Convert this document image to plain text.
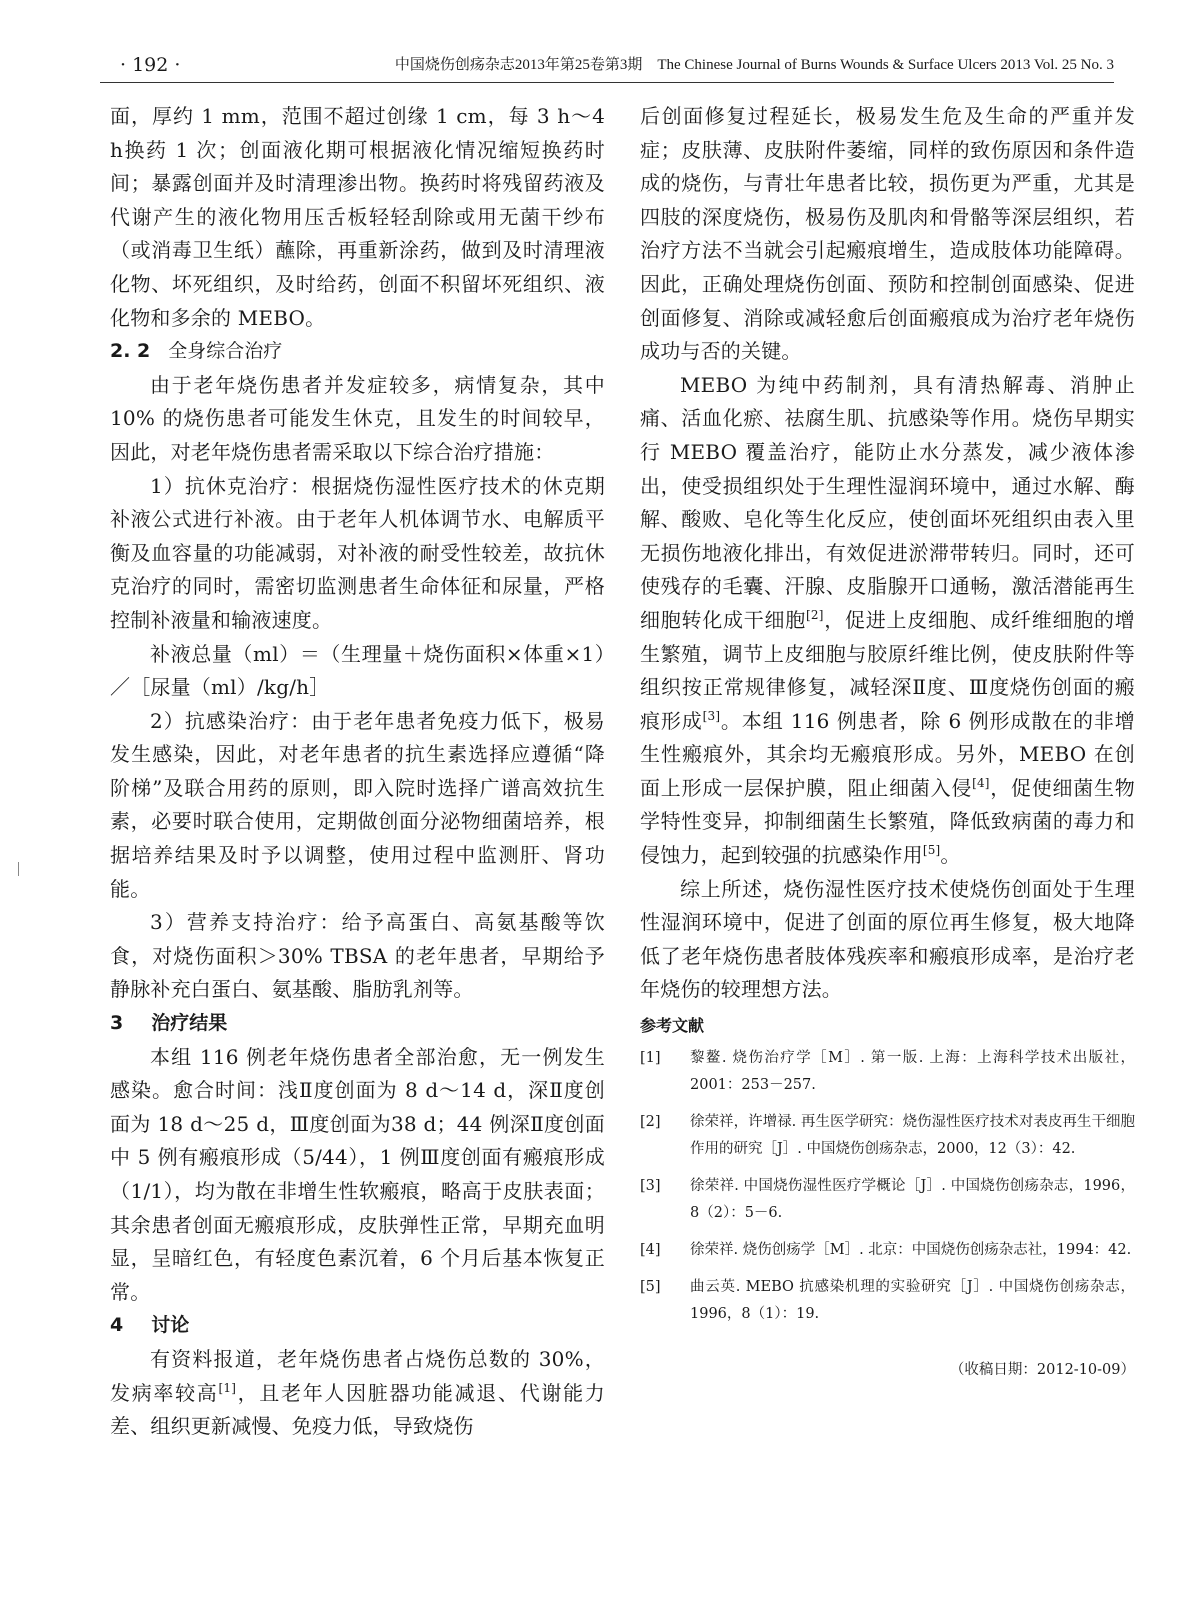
· 192 ·	中国烧伤创疡杂志2013年第25卷第3期　The Chinese Journal of Burns Wounds & Surface Ulcers 2013 Vol. 25 No. 3

面，厚约 1 mm，范围不超过创缘 1 cm，每 3 h～4 h换药 1 次；创面液化期可根据液化情况缩短换药时间；暴露创面并及时清理渗出物。换药时将残留药液及代谢产生的液化物用压舌板轻轻刮除或用无菌干纱布（或消毒卫生纸）蘸除，再重新涂药，做到及时清理液化物、坏死组织，及时给药，创面不积留坏死组织、液化物和多余的 MEBO。

2. 2 全身综合治疗

由于老年烧伤患者并发症较多，病情复杂，其中 10% 的烧伤患者可能发生休克，且发生的时间较早，因此，对老年烧伤患者需采取以下综合治疗措施：

1）抗休克治疗：根据烧伤湿性医疗技术的休克期补液公式进行补液。由于老年人机体调节水、电解质平衡及血容量的功能减弱，对补液的耐受性较差，故抗休克治疗的同时，需密切监测患者生命体征和尿量，严格控制补液量和输液速度。

补液总量（ml）＝（生理量＋烧伤面积×体重×1）／［尿量（ml）/kg/h］

2）抗感染治疗：由于老年患者免疫力低下，极易发生感染，因此，对老年患者的抗生素选择应遵循“降阶梯”及联合用药的原则，即入院时选择广谱高效抗生素，必要时联合使用，定期做创面分泌物细菌培养，根据培养结果及时予以调整，使用过程中监测肝、肾功能。

3）营养支持治疗：给予高蛋白、高氨基酸等饮食，对烧伤面积＞30% TBSA 的老年患者，早期给予静脉补充白蛋白、氨基酸、脂肪乳剂等。

3 治疗结果

本组 116 例老年烧伤患者全部治愈，无一例发生感染。愈合时间：浅Ⅱ度创面为 8 d～14 d，深Ⅱ度创面为 18 d～25 d，Ⅲ度创面为38 d；44 例深Ⅱ度创面中 5 例有瘢痕形成（5/44），1 例Ⅲ度创面有瘢痕形成（1/1），均为散在非增生性软瘢痕，略高于皮肤表面；其余患者创面无瘢痕形成，皮肤弹性正常，早期充血明显，呈暗红色，有轻度色素沉着，6 个月后基本恢复正常。

4 讨论

有资料报道，老年烧伤患者占烧伤总数的 30%，发病率较高[1]，且老年人因脏器功能减退、代谢能力差、组织更新减慢、免疫力低，导致烧伤

后创面修复过程延长，极易发生危及生命的严重并发症；皮肤薄、皮肤附件萎缩，同样的致伤原因和条件造成的烧伤，与青壮年患者比较，损伤更为严重，尤其是四肢的深度烧伤，极易伤及肌肉和骨骼等深层组织，若治疗方法不当就会引起瘢痕增生，造成肢体功能障碍。因此，正确处理烧伤创面、预防和控制创面感染、促进创面修复、消除或减轻愈后创面瘢痕成为治疗老年烧伤成功与否的关键。

MEBO 为纯中药制剂，具有清热解毒、消肿止痛、活血化瘀、祛腐生肌、抗感染等作用。烧伤早期实行 MEBO 覆盖治疗，能防止水分蒸发，减少液体渗出，使受损组织处于生理性湿润环境中，通过水解、酶解、酸败、皂化等生化反应，使创面坏死组织由表入里无损伤地液化排出，有效促进淤滞带转归。同时，还可使残存的毛囊、汗腺、皮脂腺开口通畅，激活潜能再生细胞转化成干细胞[2]，促进上皮细胞、成纤维细胞的增生繁殖，调节上皮细胞与胶原纤维比例，使皮肤附件等组织按正常规律修复，减轻深Ⅱ度、Ⅲ度烧伤创面的瘢痕形成[3]。本组 116 例患者，除 6 例形成散在的非增生性瘢痕外，其余均无瘢痕形成。另外，MEBO 在创面上形成一层保护膜，阻止细菌入侵[4]，促使细菌生物学特性变异，抑制细菌生长繁殖，降低致病菌的毒力和侵蚀力，起到较强的抗感染作用[5]。

综上所述，烧伤湿性医疗技术使烧伤创面处于生理性湿润环境中，促进了创面的原位再生修复，极大地降低了老年烧伤患者肢体残疾率和瘢痕形成率，是治疗老年烧伤的较理想方法。

参考文献

[1] 黎鳌. 烧伤治疗学［M］. 第一版. 上海：上海科学技术出版社，2001：253－257.
[2] 徐荣祥，许增禄. 再生医学研究：烧伤湿性医疗技术对表皮再生干细胞作用的研究［J］. 中国烧伤创疡杂志，2000，12（3）：42.
[3] 徐荣祥. 中国烧伤湿性医疗学概论［J］. 中国烧伤创疡杂志，1996，8（2）：5－6.
[4] 徐荣祥. 烧伤创疡学［M］. 北京：中国烧伤创疡杂志社，1994：42.
[5] 曲云英. MEBO 抗感染机理的实验研究［J］. 中国烧伤创疡杂志，1996，8（1）：19.
（收稿日期：2012-10-09）
